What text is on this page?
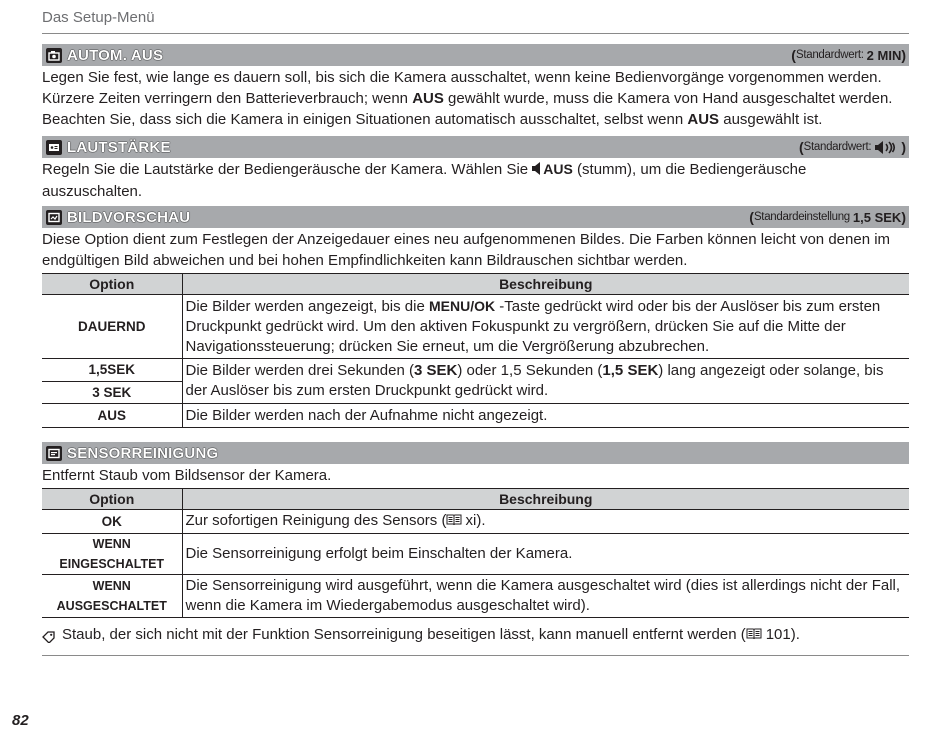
Das Setup-Menü
AUTOM. AUS	( Standardwert: 2 MIN )

Legen Sie fest, wie lange es dauern soll, bis sich die Kamera ausschaltet, wenn keine Bedienvorgänge vorgenommen werden. Kürzere Zeiten verringern den Batterieverbrauch; wenn AUS gewählt wurde, muss die Kamera von Hand ausgeschaltet werden. Beachten Sie, dass sich die Kamera in einigen Situationen automatisch ausschaltet, selbst wenn AUS ausgewählt ist.

LAUTSTÄRKE	( Standardwert: )

Regeln Sie die Lautstärke der Bediengeräusche der Kamera. Wählen Sie AUS (stumm), um die Bediengeräusche auszuschalten.

BILDVORSCHAU	( Standardeinstellung 1,5 SEK )

Diese Option dient zum Festlegen der Anzeigedauer eines neu aufgenommenen Bildes. Die Farben können leicht von denen im endgültigen Bild abweichen und bei hohen Empfindlichkeiten kann Bildrauschen sichtbar werden.

Option	Beschreibung
DAUERND	Die Bilder werden angezeigt, bis die MENU/OK -Taste gedrückt wird oder bis der Auslöser bis zum ersten Druckpunkt gedrückt wird. Um den aktiven Fokuspunkt zu vergrößern, drücken Sie auf die Mitte der Navigationssteuerung; drücken Sie erneut, um die Vergrößerung abzubrechen.
1,5SEK	Die Bilder werden drei Sekunden (3 SEK) oder 1,5 Sekunden (1,5 SEK) lang angezeigt oder solange, bis der Auslöser bis zum ersten Druckpunkt gedrückt wird.
3 SEK	
AUS	Die Bilder werden nach der Aufnahme nicht angezeigt.
SENSORREINIGUNG

Entfernt Staub vom Bildsensor der Kamera.

Option	Beschreibung
OK	Zur sofortigen Reinigung des Sensors ( xi).
WENN EINGESCHALTET	Die Sensorreinigung erfolgt beim Einschalten der Kamera.
WENN AUSGESCHALTET	Die Sensorreinigung wird ausgeführt, wenn die Kamera ausgeschaltet wird (dies ist allerdings nicht der Fall, wenn die Kamera im Wiedergabemodus ausgeschaltet wird).
Staub, der sich nicht mit der Funktion Sensorreinigung beseitigen lässt, kann manuell entfernt werden ( 101).
82
